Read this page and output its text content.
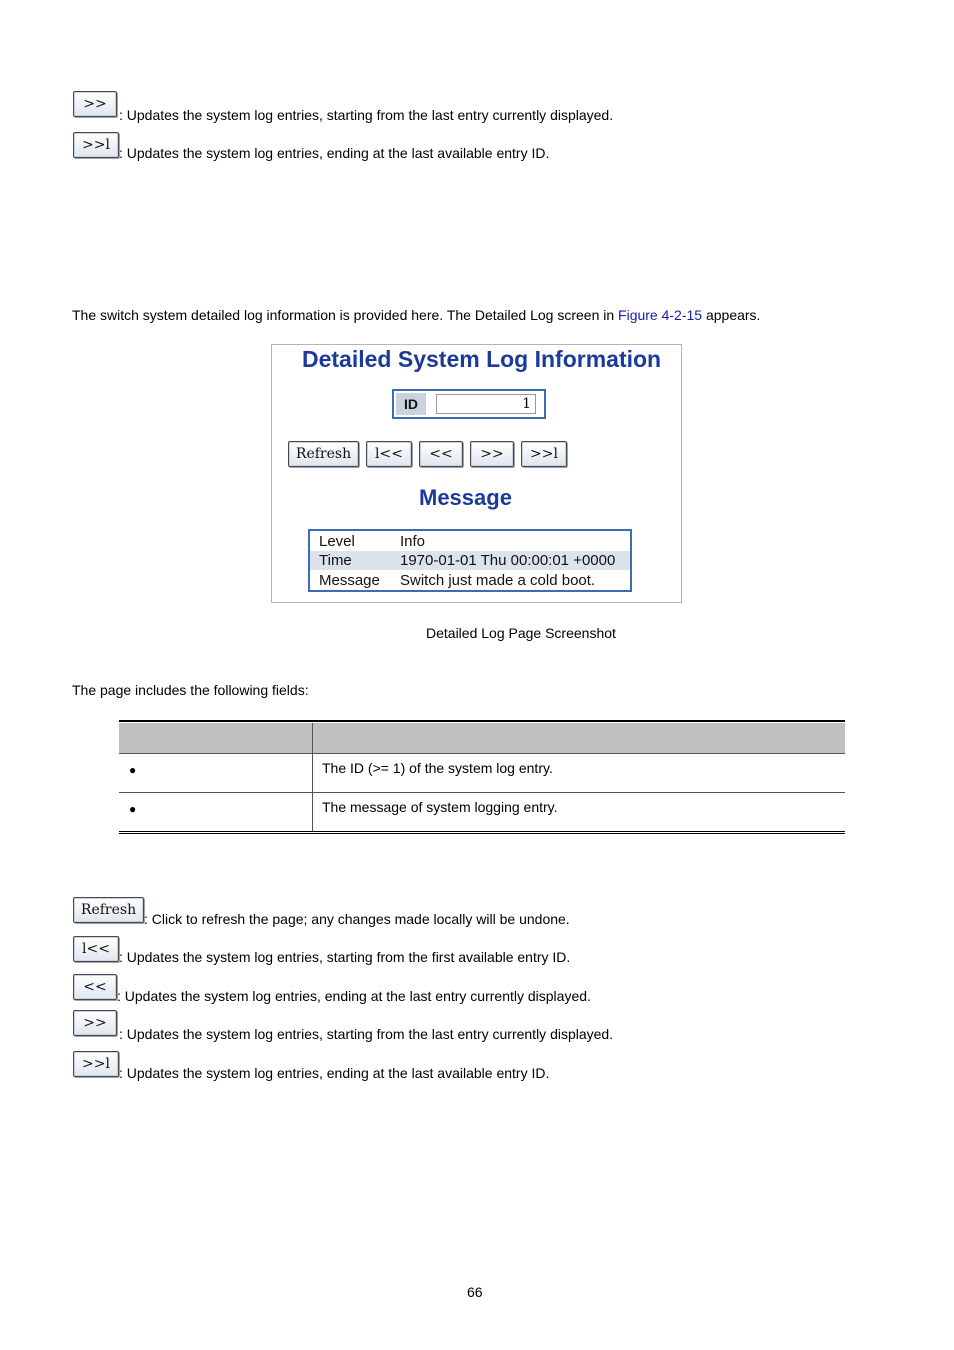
>>
: Updates the system log entries, starting from the last entry currently displayed.
>>l : Updates the system log entries, ending at the last available entry ID.

The switch system detailed log information is provided here. The Detailed Log screen in Figure 4-2-15 appears.

Detailed System Log Information
ID	1
Refresh	l<<	<<	>>	>>l
Message
Level	Info
Time	1970-01-01 Thu 00:00:01 +0000
Message Switch just made a cold boot.
Detailed Log Page Screenshot
The page includes the following fields:
●	The ID (>= 1) of the system log entry.
●	The message of system logging entry.
Refresh
: Click to refresh the page; any changes made locally will be undone.
l<< : Updates the system log entries, starting from the first available entry ID.
<<
: Updates the system log entries, ending at the last entry currently displayed.
>>
: Updates the system log entries, starting from the last entry currently displayed.
>>l
: Updates the system log entries, ending at the last available entry ID.
66
